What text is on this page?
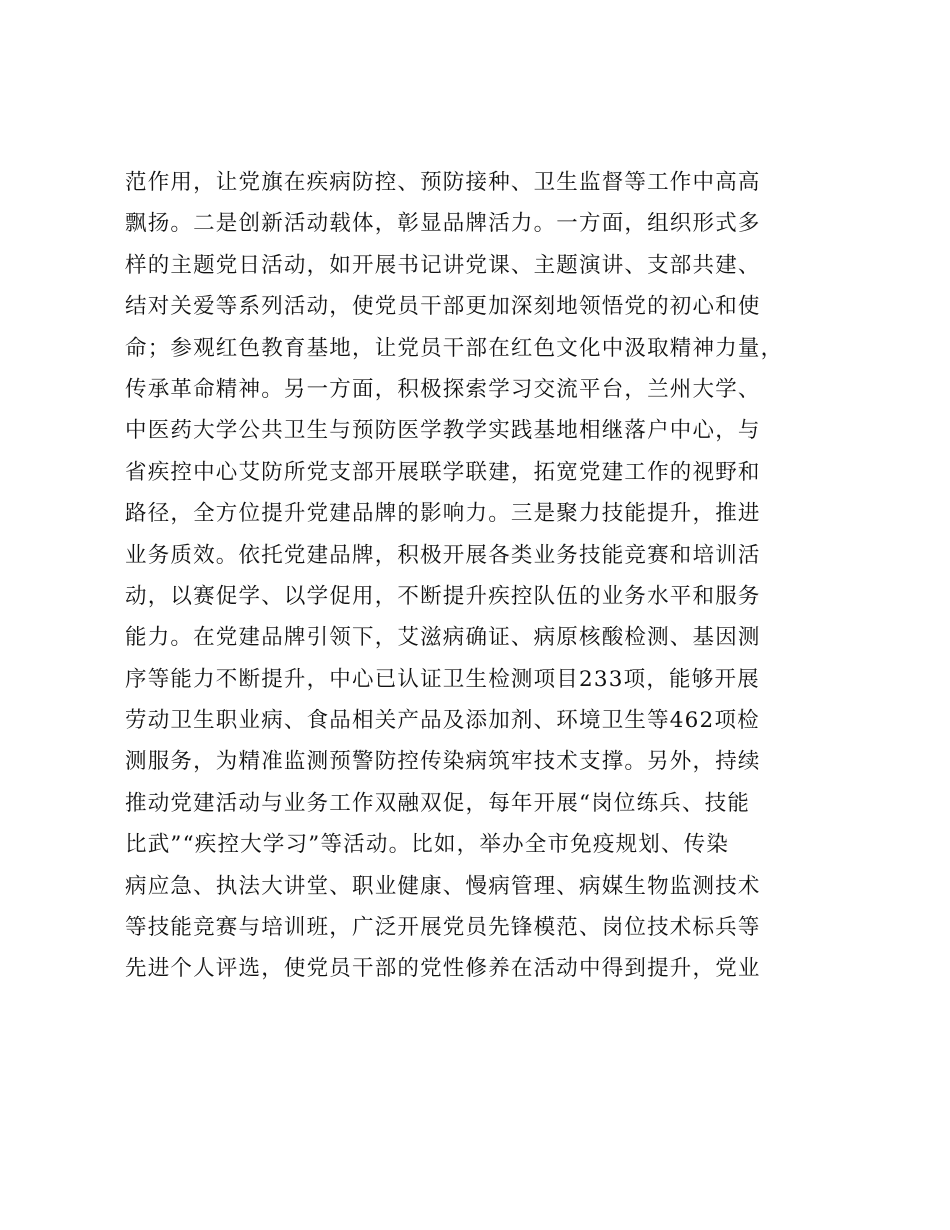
范作用，让党旗在疾病防控、预防接种、卫生监督等工作中高高
飘扬。二是创新活动载体，彰显品牌活力。一方面，组织形式多
样的主题党日活动，如开展书记讲党课、主题演讲、支部共建、
结对关爱等系列活动，使党员干部更加深刻地领悟党的初心和使
命；参观红色教育基地，让党员干部在红色文化中汲取精神力量，
传承革命精神。另一方面，积极探索学习交流平台，兰州大学、
中医药大学公共卫生与预防医学教学实践基地相继落户中心，与
省疾控中心艾防所党支部开展联学联建，拓宽党建工作的视野和
路径，全方位提升党建品牌的影响力。三是聚力技能提升，推进
业务质效。依托党建品牌，积极开展各类业务技能竞赛和培训活
动，以赛促学、以学促用，不断提升疾控队伍的业务水平和服务
能力。在党建品牌引领下，艾滋病确证、病原核酸检测、基因测
序等能力不断提升，中心已认证卫生检测项目233项，能够开展
劳动卫生职业病、食品相关产品及添加剂、环境卫生等462项检
测服务，为精准监测预警防控传染病筑牢技术支撑。另外，持续
推动党建活动与业务工作双融双促，每年开展“岗位练兵、技能
比武”“疾控大学习”等活动。比如，举办全市免疫规划、传染
病应急、执法大讲堂、职业健康、慢病管理、病媒生物监测技术
等技能竞赛与培训班，广泛开展党员先锋模范、岗位技术标兵等
先进个人评选，使党员干部的党性修养在活动中得到提升，党业
